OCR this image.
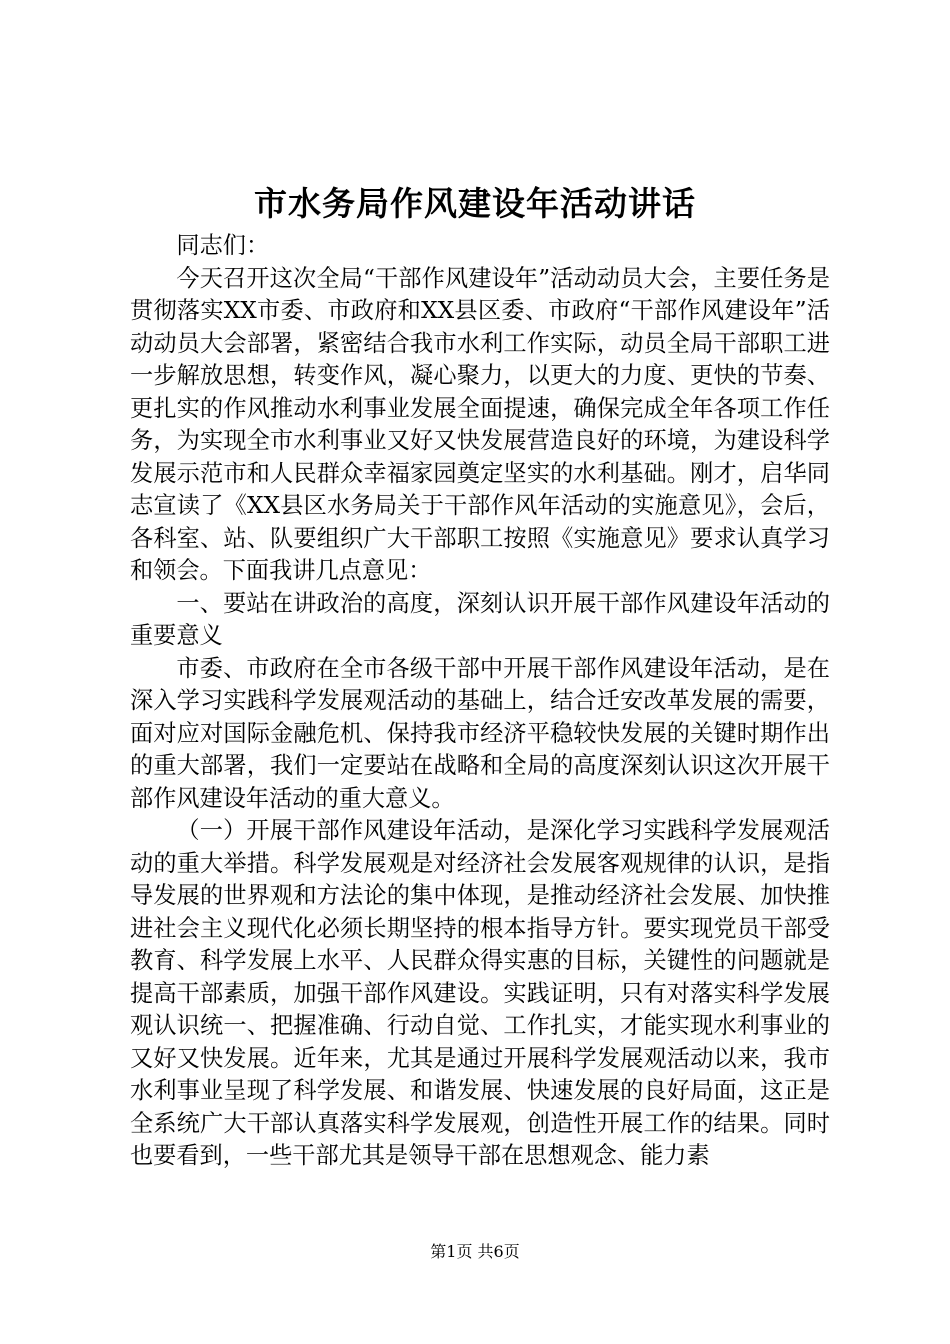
市水务局作风建设年活动讲话

同志们：

今天召开这次全局“干部作风建设年”活动动员大会，主要任务是贯彻落实XX市委、市政府和XX县区委、市政府“干部作风建设年”活动动员大会部署，紧密结合我市水利工作实际，动员全局干部职工进一步解放思想，转变作风，凝心聚力，以更大的力度、更快的节奏、更扎实的作风推动水利事业发展全面提速，确保完成全年各项工作任务，为实现全市水利事业又好又快发展营造良好的环境，为建设科学发展示范市和人民群众幸福家园奠定坚实的水利基础。刚才，启华同志宣读了《XX县区水务局关于干部作风年活动的实施意见》，会后，各科室、站、队要组织广大干部职工按照《实施意见》要求认真学习和领会。下面我讲几点意见：

一、要站在讲政治的高度，深刻认识开展干部作风建设年活动的重要意义

市委、市政府在全市各级干部中开展干部作风建设年活动，是在深入学习实践科学发展观活动的基础上，结合迁安改革发展的需要，面对应对国际金融危机、保持我市经济平稳较快发展的关键时期作出的重大部署，我们一定要站在战略和全局的高度深刻认识这次开展干部作风建设年活动的重大意义。

（一）开展干部作风建设年活动，是深化学习实践科学发展观活动的重大举措。科学发展观是对经济社会发展客观规律的认识，是指导发展的世界观和方法论的集中体现，是推动经济社会发展、加快推进社会主义现代化必须长期坚持的根本指导方针。要实现党员干部受教育、科学发展上水平、人民群众得实惠的目标，关键性的问题就是提高干部素质，加强干部作风建设。实践证明，只有对落实科学发展观认识统一、把握准确、行动自觉、工作扎实，才能实现水利事业的又好又快发展。近年来，尤其是通过开展科学发展观活动以来，我市水利事业呈现了科学发展、和谐发展、快速发展的良好局面，这正是全系统广大干部认真落实科学发展观，创造性开展工作的结果。同时也要看到，一些干部尤其是领导干部在思想观念、能力素

第1页 共6页
